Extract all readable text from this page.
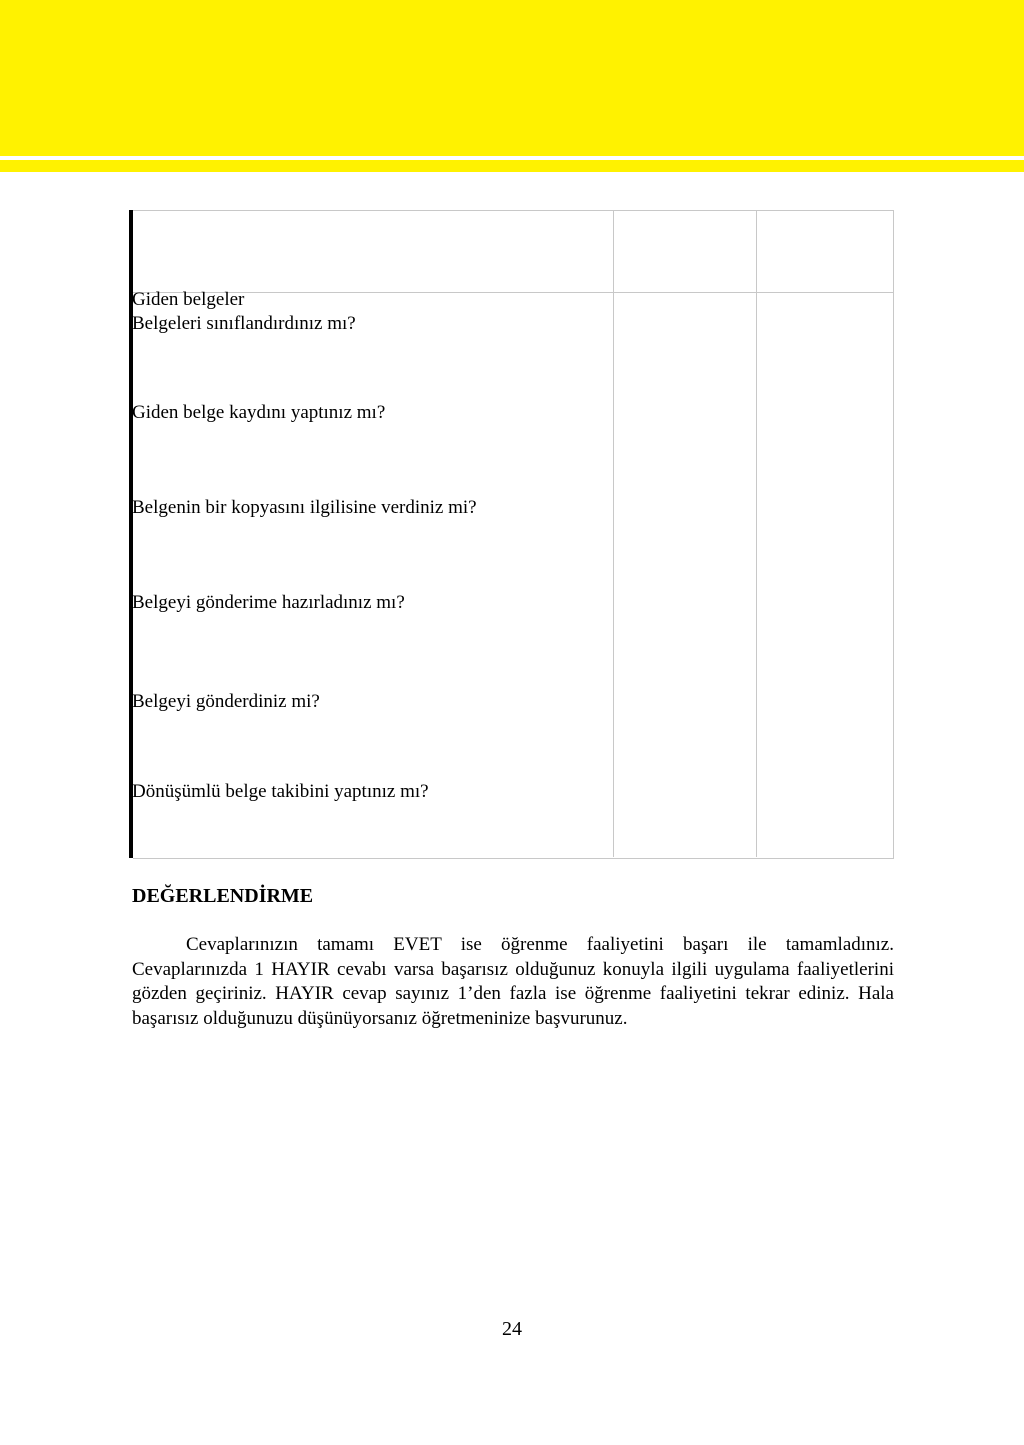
Giden belgeler
Belgeleri sınıflandırdınız mı?
Giden belge kaydını yaptınız mı?
Belgenin bir kopyasını ilgilisine verdiniz mi?
Belgeyi gönderime hazırladınız mı?
Belgeyi gönderdiniz mi?
Dönüşümlü belge takibini yaptınız mı?
DEĞERLENDİRME
Cevaplarınızın tamamı EVET ise öğrenme faaliyetini başarı ile tamamladınız.
Cevaplarınızda 1 HAYIR cevabı varsa başarısız olduğunuz konuyla ilgili uygulama faaliyetlerini
gözden geçiriniz. HAYIR cevap sayınız 1’den fazla ise öğrenme faaliyetini tekrar ediniz. Hala
başarısız olduğunuzu düşünüyorsanız öğretmeninize başvurunuz.
24
